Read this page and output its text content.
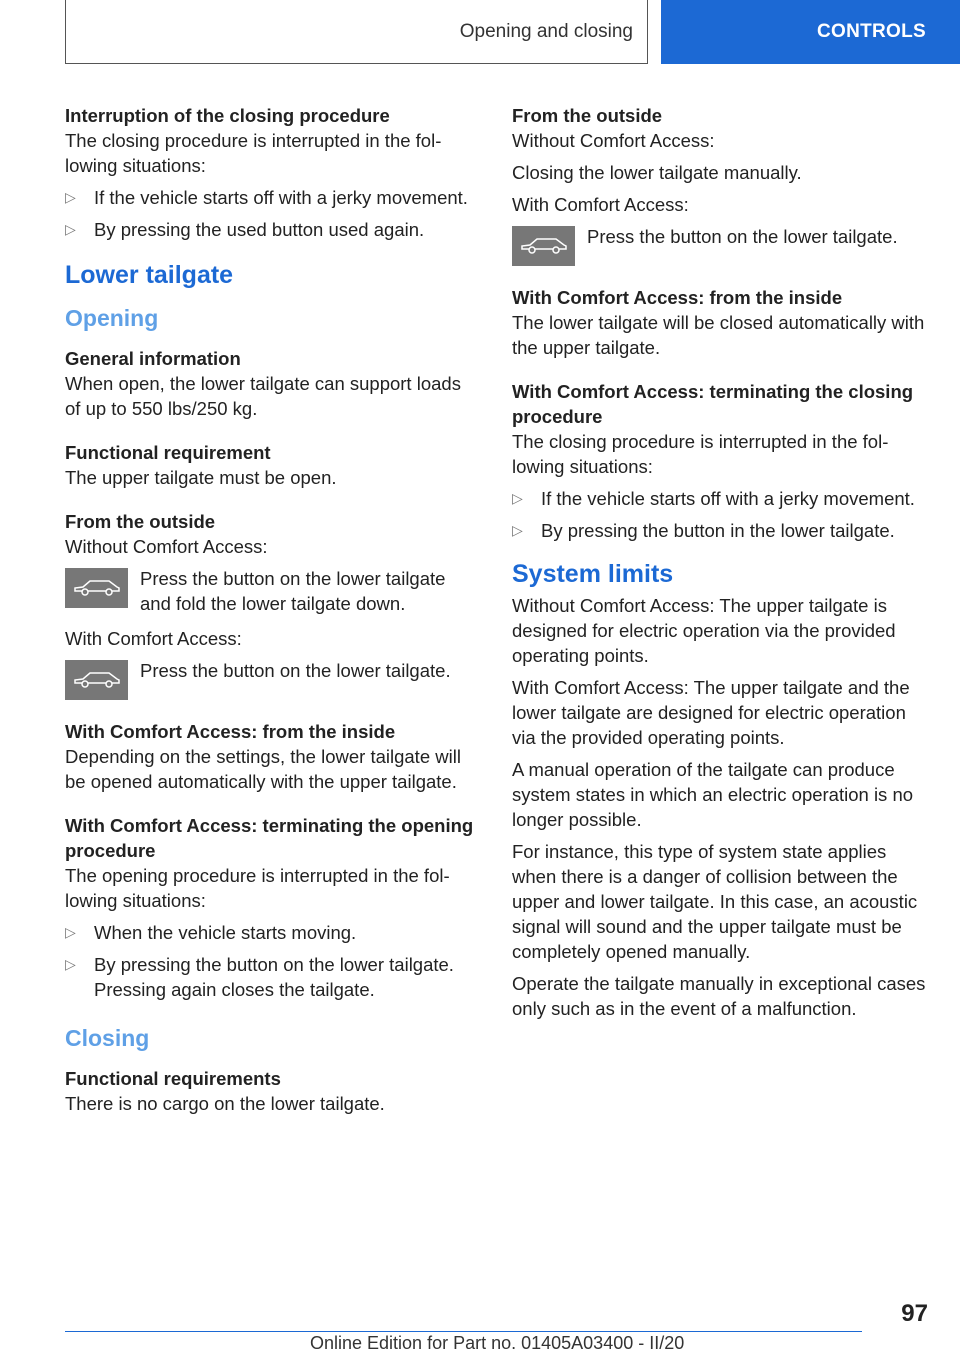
Opening and closing	CONTROLS

Interruption of the closing procedure

The closing procedure is interrupted in the fol‐lowing situations:

▷ If the vehicle starts off with a jerky movement.
▷ By pressing the used button used again.
Lower tailgate
Opening

General information

When open, the lower tailgate can support loads of up to 550 lbs/250 kg.

Functional requirement

The upper tailgate must be open.

From the outside

Without Comfort Access:

Press the button on the lower tailgate and fold the lower tailgate down.

With Comfort Access:

Press the button on the lower tailgate.

With Comfort Access: from the inside

Depending on the settings, the lower tailgate will be opened automatically with the upper tailgate.

With Comfort Access: terminating the opening procedure

The opening procedure is interrupted in the fol‐lowing situations:

▷ When the vehicle starts moving.
▷ By pressing the button on the lower tailgate. Pressing again closes the tailgate.
Closing

Functional requirements

There is no cargo on the lower tailgate.

From the outside

Without Comfort Access:

Closing the lower tailgate manually.

With Comfort Access:

Press the button on the lower tailgate.

With Comfort Access: from the inside

The lower tailgate will be closed automatically with the upper tailgate.

With Comfort Access: terminating the closing procedure

The closing procedure is interrupted in the fol‐lowing situations:

▷ If the vehicle starts off with a jerky movement.
▷ By pressing the button in the lower tailgate.
System limits

Without Comfort Access: The upper tailgate is designed for electric operation via the provided operating points.

With Comfort Access: The upper tailgate and the lower tailgate are designed for electric operation via the provided operating points.

A manual operation of the tailgate can produce system states in which an electric operation is no longer possible.

For instance, this type of system state applies when there is a danger of collision between the upper and lower tailgate. In this case, an acoustic signal will sound and the upper tailgate must be completely opened manually.

Operate the tailgate manually in exceptional cases only such as in the event of a malfunction.

97
Online Edition for Part no. 01405A03400 - II/20
